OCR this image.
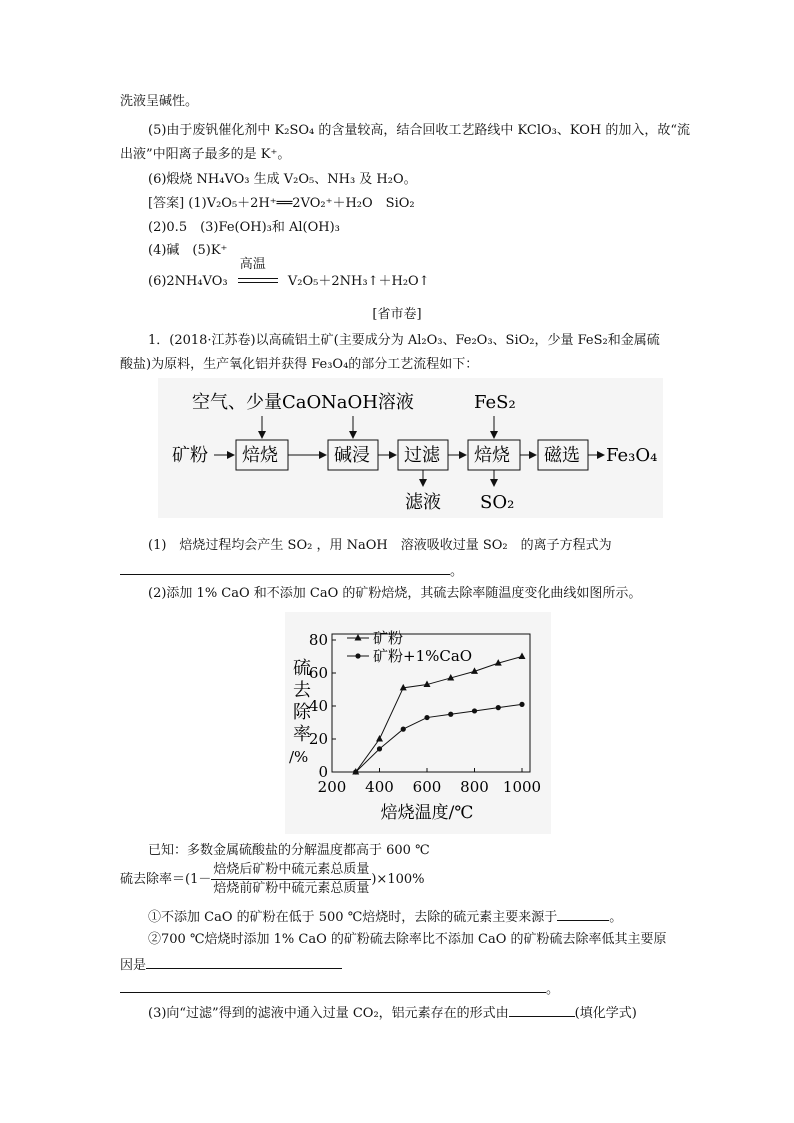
洗液呈碱性。
(5)由于废钒催化剂中 K₂SO₄ 的含量较高，结合回收工艺路线中 KClO₃、KOH 的加入，故“流
出液”中阳离子最多的是 K⁺。
(6)煅烧 NH₄VO₃ 生成 V₂O₅、NH₃ 及 H₂O。
[答案] (1)V₂O₅＋2H⁺══2VO₂⁺＋H₂O　SiO₂
(2)0.5　(3)Fe(OH)₃和 Al(OH)₃
(4)碱　(5)K⁺
(6)2NH₄VO₃
高温
V₂O₅＋2NH₃↑＋H₂O↑
[省市卷]
1．(2018·江苏卷)以高硫铝土矿(主要成分为 Al₂O₃、Fe₂O₃、SiO₂，少量 FeS₂和金属硫
酸盐)为原料，生产氧化铝并获得 Fe₃O₄的部分工艺流程如下：
矿粉
空气、少量CaO NaOH溶液	FeS₂
焙烧	碱浸 过滤
滤液
焙烧
SO₂
磁选 Fe₃O₄
(1)　焙烧过程均会产生 SO₂ ，用 NaOH　溶液吸收过量 SO₂　的离子方程式为
。
(2)添加 1% CaO 和不添加 CaO 的矿粉焙烧，其硫去除率随温度变化曲线如图所示。
硫去除率/%
焙烧温度/℃
200 400 600 800 1000
0
20
40
60
80	矿粉
矿粉+1%CaO
已知：多数金属硫酸盐的分解温度都高于 600 ℃
硫去除率$=(1- \frac{\text{焙烧后矿粉中硫元素总质量}}{\text{焙烧前矿粉中硫元素总质量}} )\times 100\%$
①不添加 CaO 的矿粉在低于 500 ℃焙烧时，去除的硫元素主要来源于	。
②700 ℃焙烧时添加 1% CaO 的矿粉硫去除率比不添加 CaO 的矿粉硫去除率低其主要原
因是
。
(3)向“过滤”得到的滤液中通入过量 CO₂，铝元素存在的形式由	(填化学式)
